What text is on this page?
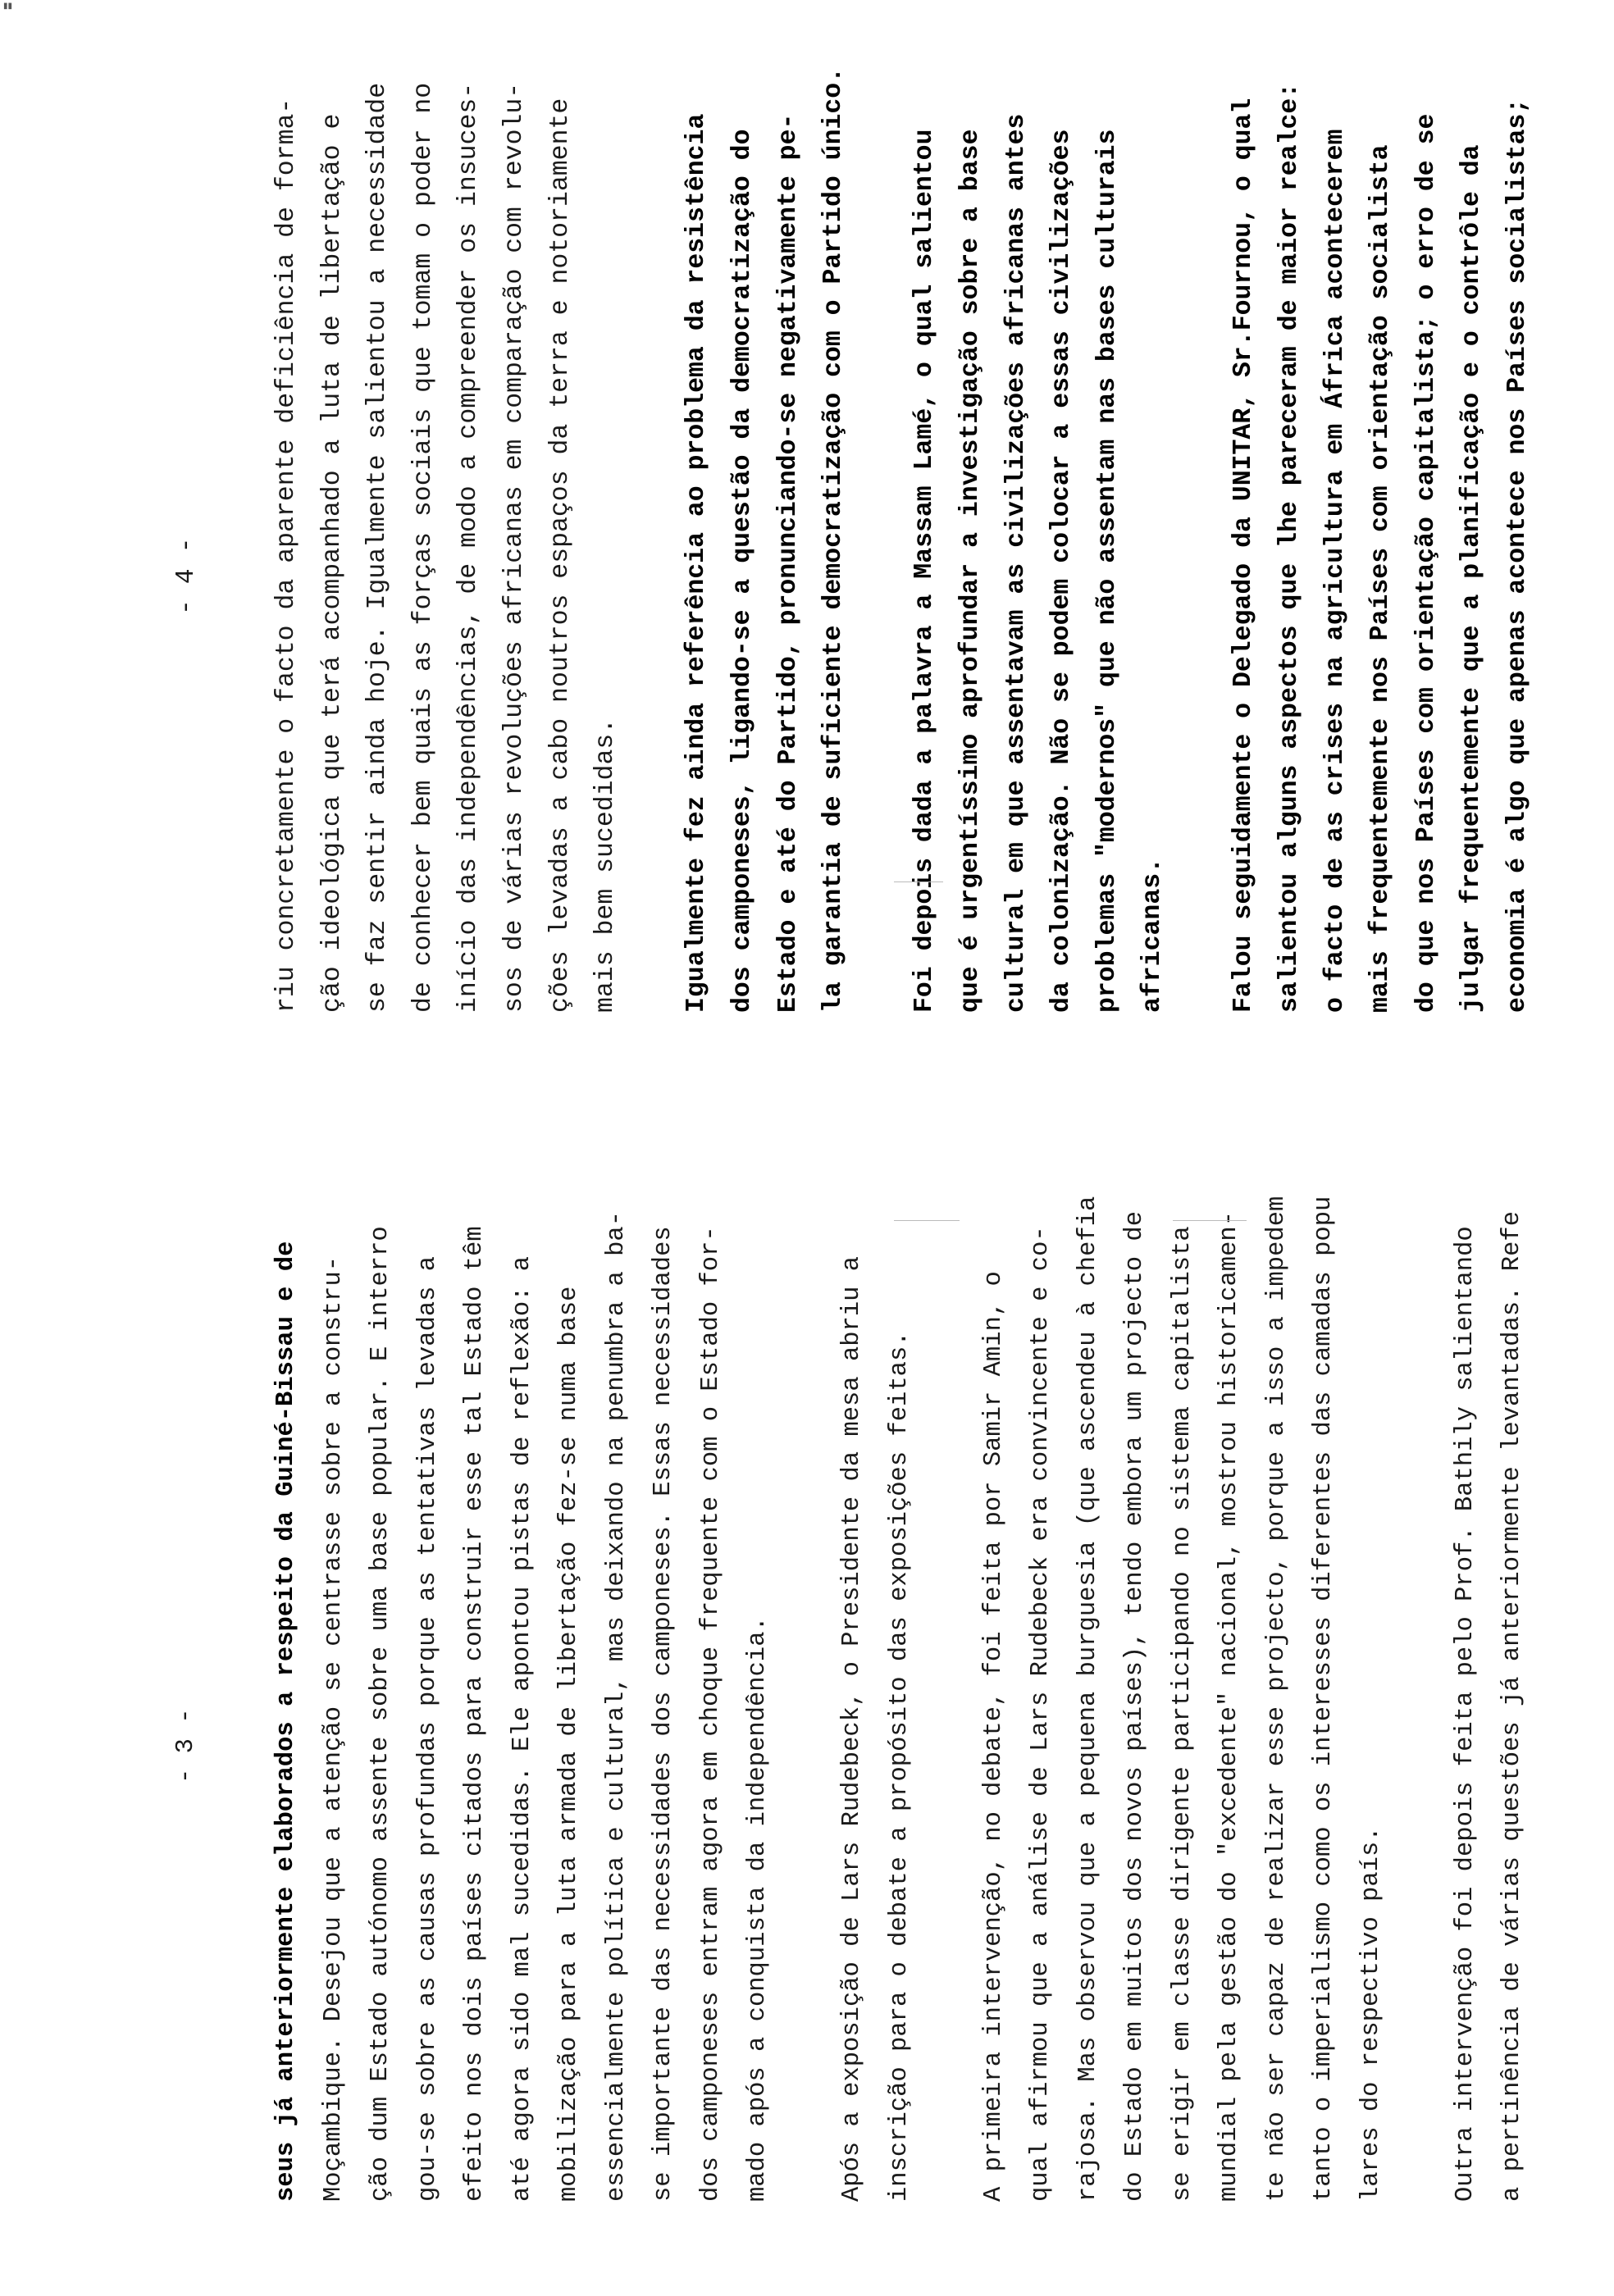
▮▮
- 4 -	riu concretamente o facto da aparente deficiência de forma- ção ideológica que terá acompanhado a luta de libertação e se faz sentir ainda hoje. Igualmente salientou a necessidade de conhecer bem quais as forças sociais que tomam o poder no início das independências, de modo a compreender os insuces- sos de várias revoluções africanas em comparação com revolu- ções levadas a cabo noutros espaços da terra e notoriamente mais bem sucedidas.	Igualmente fez ainda referência ao problema da resistência dos camponeses, ligando-se a questão da democratização do Estado e até do Partido, pronunciando-se negativamente pe- la garantia de suficiente democratização com o Partido único.	Foi depois dada a palavra a Massam Lamé, o qual salientou que é urgentíssimo aprofundar a investigação sobre a base cultural em que assentavam as civilizações africanas antes da colonização. Não se podem colocar a essas civilizações problemas "modernos" que não assentam nas bases culturais africanas.	Falou seguidamente o Delegado da UNITAR, Sr.Fournou, o qual salientou alguns aspectos que lhe pareceram de maior realce: o facto de as crises na agricultura em África acontecerem mais frequentemente nos Países com orientação socialista do que nos Países com orientação capitalista; o erro de se julgar frequentemente que a planificação e o contrôle da economia é algo que apenas acontece nos Países socialistas;
- 3 -	seus já anteriormente elaborados a respeito da Guiné-Bissau e de Moçambique. Desejou que a atenção se centrasse sobre a constru- ção dum Estado autónomo assente sobre uma base popular. E interro gou-se sobre as causas profundas porque as tentativas levadas a efeito nos dois países citados para construir esse tal Estado têm até agora sido mal sucedidas. Ele apontou pistas de reflexão: a mobilização para a luta armada de libertação fez-se numa base essencialmente política e cultural, mas deixando na penumbra a ba- se importante das necessidades dos camponeses. Essas necessidades dos camponeses entram agora em choque frequente com o Estado for- mado após a conquista da independência.	Após a exposição de Lars Rudebeck, o Presidente da mesa abriu a inscrição para o debate a propósito das exposições feitas.	A primeira intervenção, no debate, foi feita por Samir Amin, o qual afirmou que a análise de Lars Rudebeck era convincente e co- rajosa. Mas observou que a pequena burguesia (que ascendeu à chefia do Estado em muitos dos novos países), tendo embora um projecto de se erigir em classe dirigente participando no sistema capitalista mundial pela gestão do "excedente" nacional, mostrou historicamen- te não ser capaz de realizar esse projecto, porque a isso a impedem tanto o imperialismo como os interesses diferentes das camadas popu lares do respectivo país.	Outra intervenção foi depois feita pelo Prof. Bathily salientando a pertinência de várias questões já anteriormente levantadas. Refe
